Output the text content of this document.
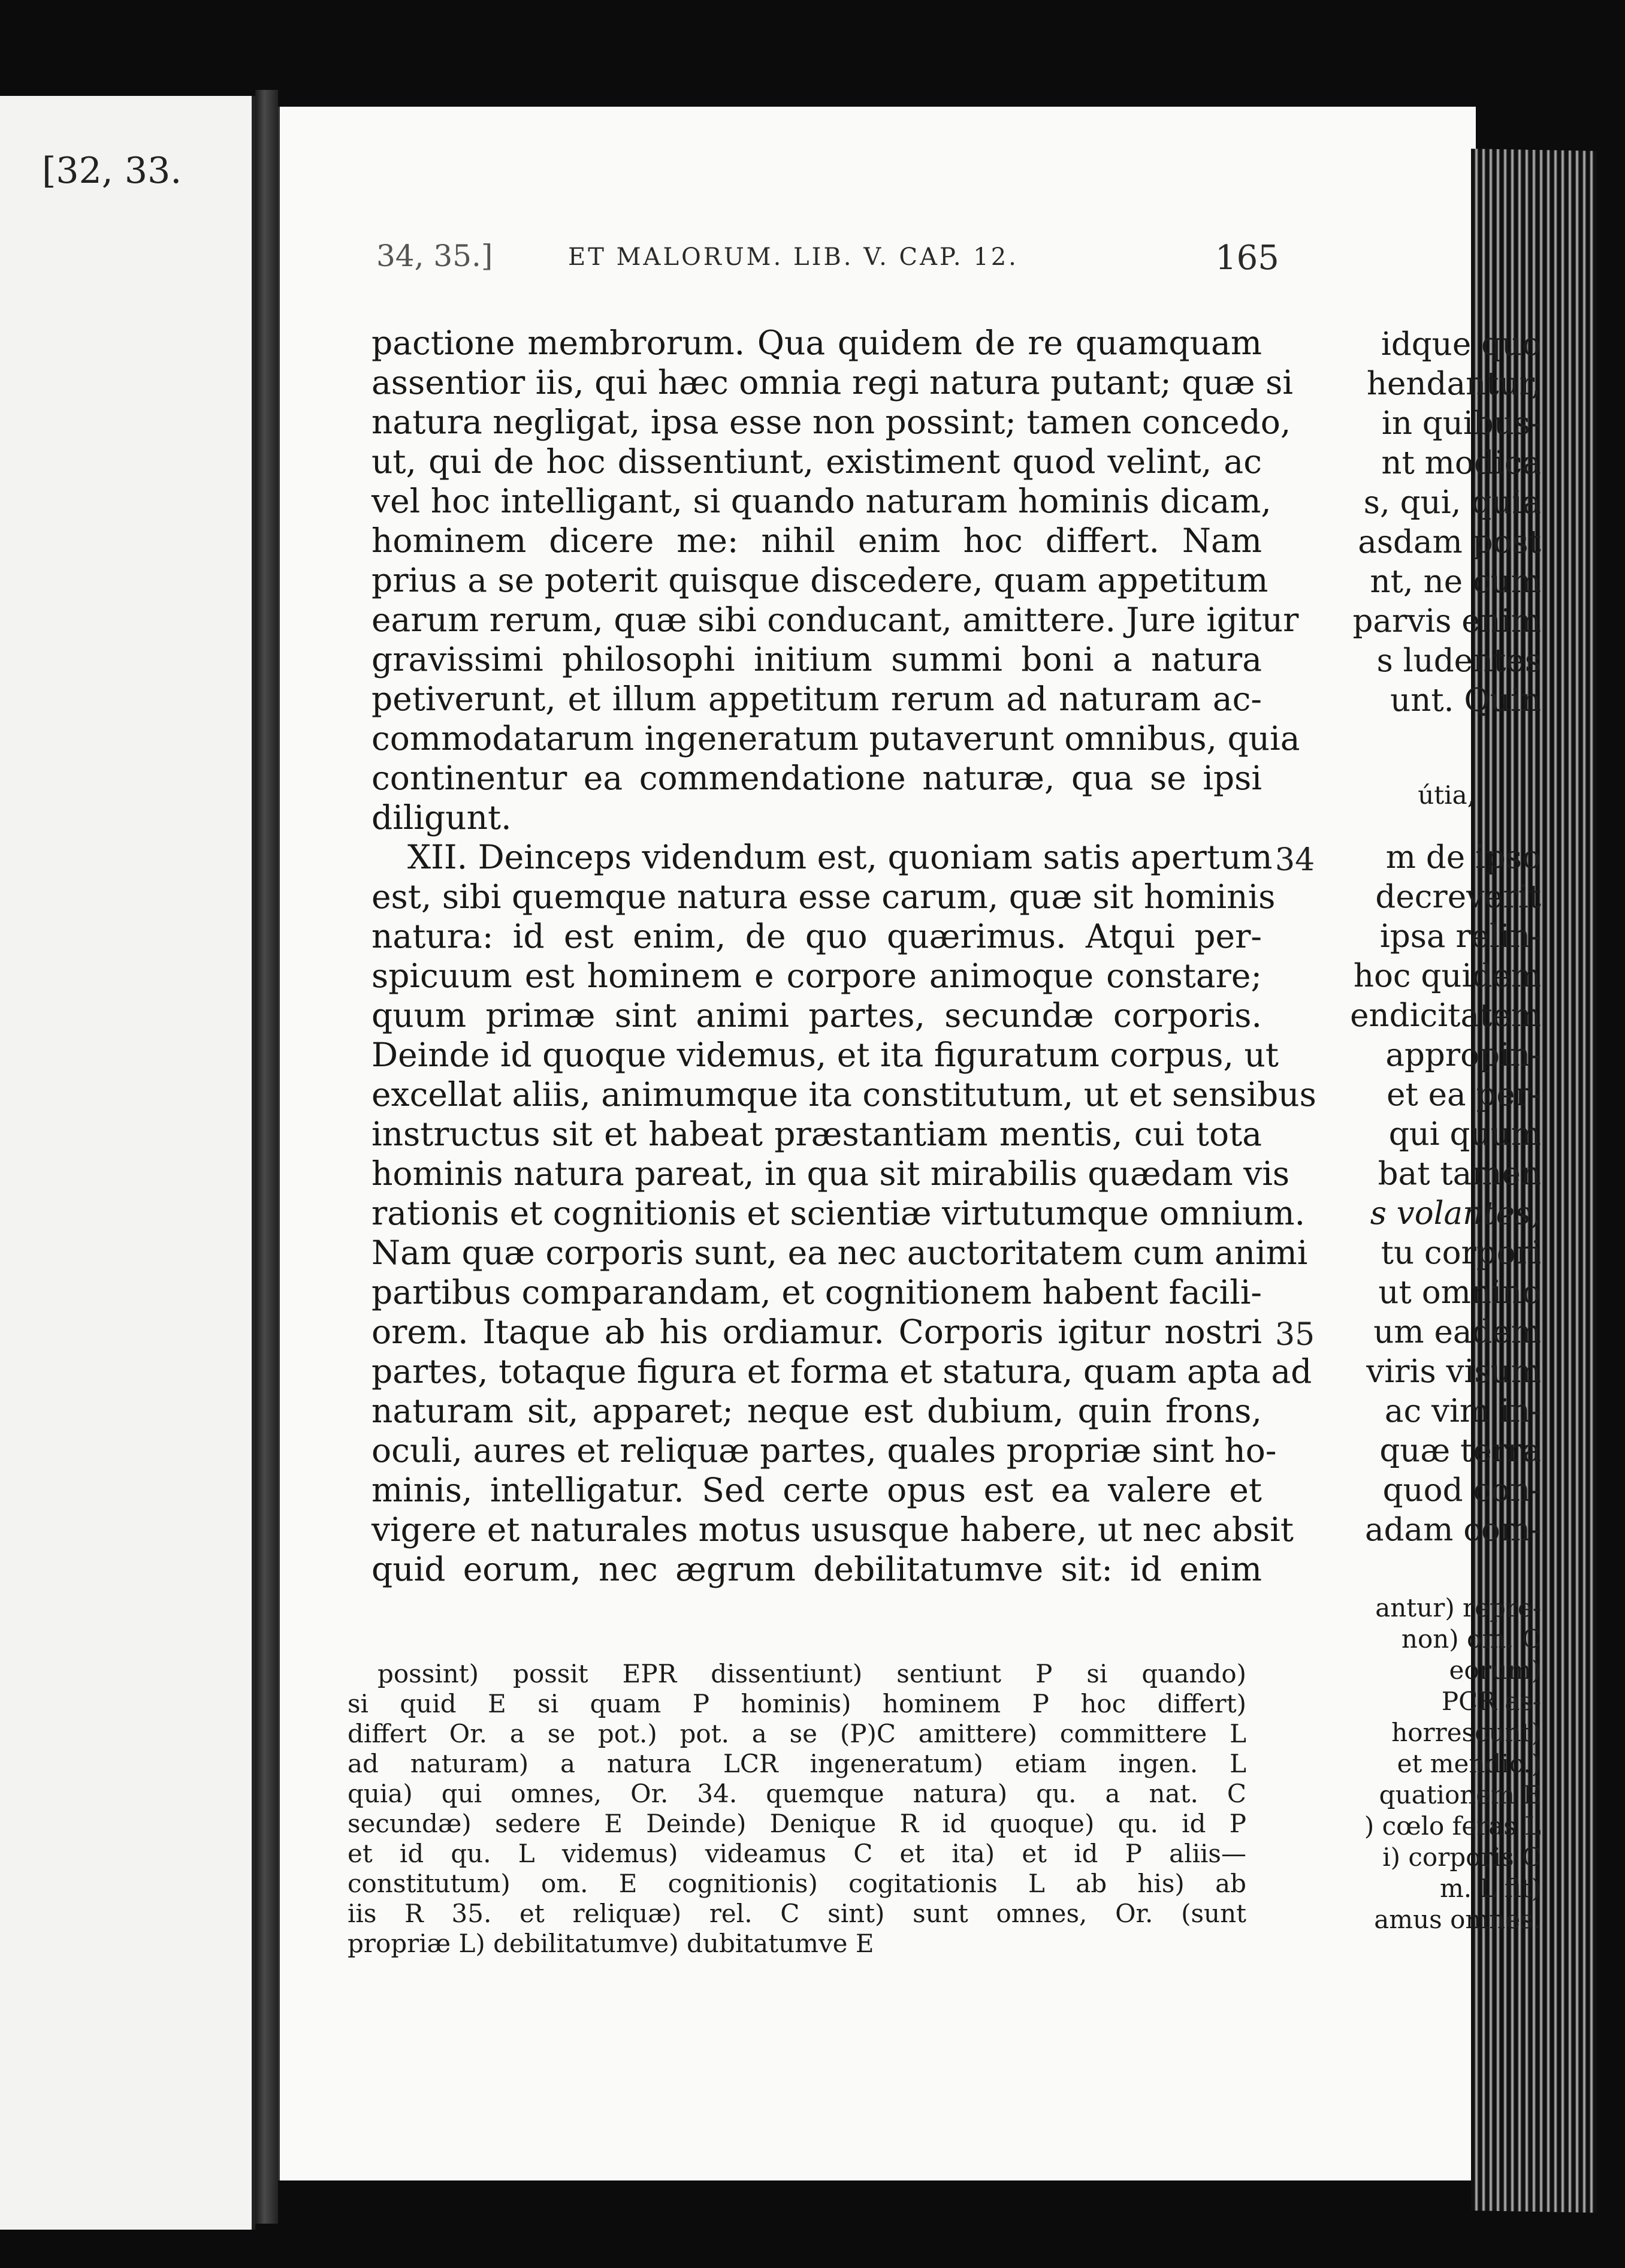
[32, 33.
idque quo
hendantur,
in quibus-
nt modica
s, qui, quia
asdam post
nt, ne cum
parvis enim
s ludentes
unt. Quin
útia,
m de ipso
decreverit
ipsa relin-
hoc quidem
endicitatem
appropin-
et ea per-
qui quum
bat tamen
s volantes,
tu corpori
ut omnino
um eadem
viris visum
ac vim in-
quæ terra
quod con-
adam com-
antur) repre-
non) om. C
eorum)
PCR as-
horrescunt)
et mendic.)
quationem E
) cœlo feras L
i) corporis C
m. L fit)
amus omnes.
34, 35.]	ET MALORUM. LIB. V. CAP. 12.	165
pactione membrorum. Qua quidem de re quamquam
assentior iis, qui hæc omnia regi natura putant; quæ si
natura negligat, ipsa esse non possint; tamen concedo,
ut, qui de hoc dissentiunt, existiment quod velint, ac
vel hoc intelligant, si quando naturam hominis dicam,
hominem dicere me: nihil enim hoc differt. Nam
prius a se poterit quisque discedere, quam appetitum
earum rerum, quæ sibi conducant, amittere. Jure igitur
gravissimi philosophi initium summi boni a natura
petiverunt, et illum appetitum rerum ad naturam ac-
commodatarum ingeneratum putaverunt omnibus, quia
continentur ea commendatione naturæ, qua se ipsi
diligunt.
XII. Deinceps videndum est, quoniam satis apertum
est, sibi quemque natura esse carum, quæ sit hominis
natura: id est enim, de quo quærimus. Atqui per-
spicuum est hominem e corpore animoque constare;
quum primæ sint animi partes, secundæ corporis.
Deinde id quoque videmus, et ita figuratum corpus, ut
excellat aliis, animumque ita constitutum, ut et sensibus
instructus sit et habeat præstantiam mentis, cui tota
hominis natura pareat, in qua sit mirabilis quædam vis
rationis et cognitionis et scientiæ virtutumque omnium.
Nam quæ corporis sunt, ea nec auctoritatem cum animi
partibus comparandam, et cognitionem habent facili-
orem. Itaque ab his ordiamur. Corporis igitur nostri
partes, totaque figura et forma et statura, quam apta ad
naturam sit, apparet; neque est dubium, quin frons,
oculi, aures et reliquæ partes, quales propriæ sint ho-
minis, intelligatur. Sed certe opus est ea valere et
vigere et naturales motus ususque habere, ut nec absit
quid eorum, nec ægrum debilitatumve sit: id enim
34
35
possint) possit EPR dissentiunt) sentiunt P si quando)
si quid E si quam P hominis) hominem P hoc differt)
differt Or. a se pot.) pot. a se (P)C amittere) committere L
ad naturam) a natura LCR ingeneratum) etiam ingen. L
quia) qui omnes, Or. 34. quemque natura) qu. a nat. C
secundæ) sedere E Deinde) Denique R id quoque) qu. id P
et id qu. L videmus) videamus C et ita) et id P aliis—
constitutum) om. E cognitionis) cogitationis L ab his) ab
iis R 35. et reliquæ) rel. C sint) sunt omnes, Or. (sunt
propriæ L) debilitatumve) dubitatumve E
